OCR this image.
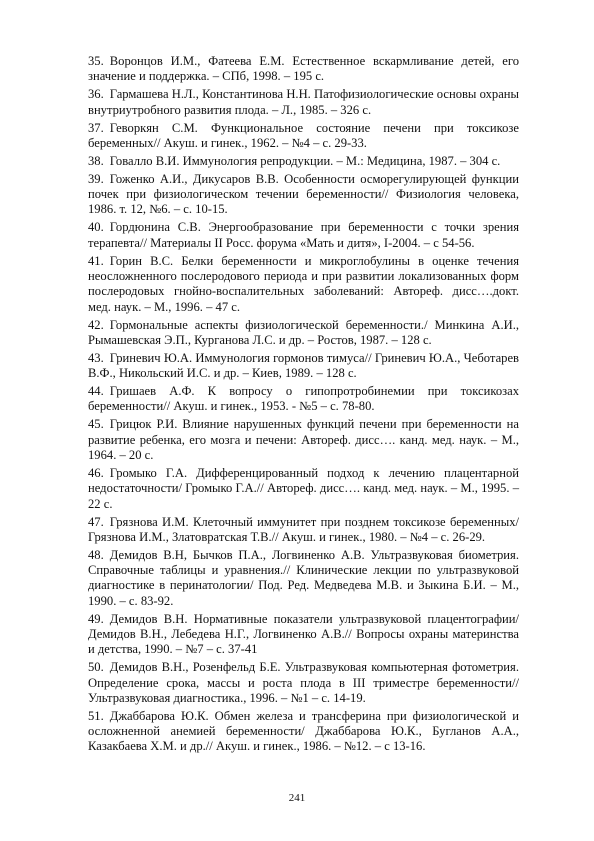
35. Воронцов И.М., Фатеева Е.М. Естественное вскармливание детей, его значение и поддержка. – СПб, 1998. – 195 с.
36. Гармашева Н.Л., Константинова Н.Н. Патофизиологические основы охраны внутриутробного развития плода. – Л., 1985. – 326 с.
37. Геворкян С.М. Функциональное состояние печени при токсикозе беременных// Акуш. и гинек., 1962. – №4 – с. 29-33.
38. Говалло В.И. Иммунология репродукции. – М.: Медицина, 1987. – 304 с.
39. Гоженко А.И., Дикусаров В.В. Особенности осморегулирующей функции почек при физиологическом течении беременности// Физиология человека, 1986. т. 12, №6. – с. 10-15.
40. Гордюнина С.В. Энергообразование при беременности с точки зрения терапевта// Материалы II Росс. форума «Мать и дитя», I-2004. – с 54-56.
41. Горин В.С. Белки беременности и микроглобулины в оценке течения неосложненного послеродового периода и при развитии локализованных форм послеродовых гнойно-воспалительных заболеваний: Автореф. дисс….докт. мед. наук. – М., 1996. – 47 с.
42. Гормональные аспекты физиологической беременности./ Минкина А.И., Рымашевская Э.П., Курганова Л.С. и др. – Ростов, 1987. – 128 с.
43. Гриневич Ю.А. Иммунология гормонов тимуса// Гриневич Ю.А., Чеботарев В.Ф., Никольский И.С. и др. – Киев, 1989. – 128 с.
44. Гришаев А.Ф. К вопросу о гипопротробинемии при токсикозах беременности// Акуш. и гинек., 1953. - №5 – с. 78-80.
45. Грицюк Р.И. Влияние нарушенных функций печени при беременности на развитие ребенка, его мозга и печени: Автореф. дисс…. канд. мед. наук. – М., 1964. – 20 с.
46. Громыко Г.А. Дифференцированный подход к лечению плацентарной недостаточности/ Громыко Г.А.// Автореф. дисс…. канд. мед. наук. – М., 1995. – 22 с.
47. Грязнова И.М. Клеточный иммунитет при позднем токсикозе беременных/ Грязнова И.М., Златовратская Т.В.// Акуш. и гинек., 1980. – №4 – с. 26-29.
48. Демидов В.Н, Бычков П.А., Логвиненко А.В. Ультразвуковая биометрия. Справочные таблицы и уравнения.// Клинические лекции по ультразвуковой диагностике в перинатологии/ Под. Ред. Медведева М.В. и Зыкина Б.И. – М., 1990. – с. 83-92.
49. Демидов В.Н. Нормативные показатели ультразвуковой плацентографии/ Демидов В.Н., Лебедева Н.Г., Логвиненко А.В.// Вопросы охраны материнства и детства, 1990. – №7 – с. 37-41
50. Демидов В.Н., Розенфельд Б.Е. Ультразвуковая компьютерная фотометрия. Определение срока, массы и роста плода в III триместре беременности// Ультразвуковая диагностика., 1996. – №1 – с. 14-19.
51. Джаббарова Ю.К. Обмен железа и трансферина при физиологической и осложненной анемией беременности/ Джаббарова Ю.К., Бугланов А.А., Казакбаева Х.М. и др.// Акуш. и гинек., 1986. – №12. – с 13-16.
241
